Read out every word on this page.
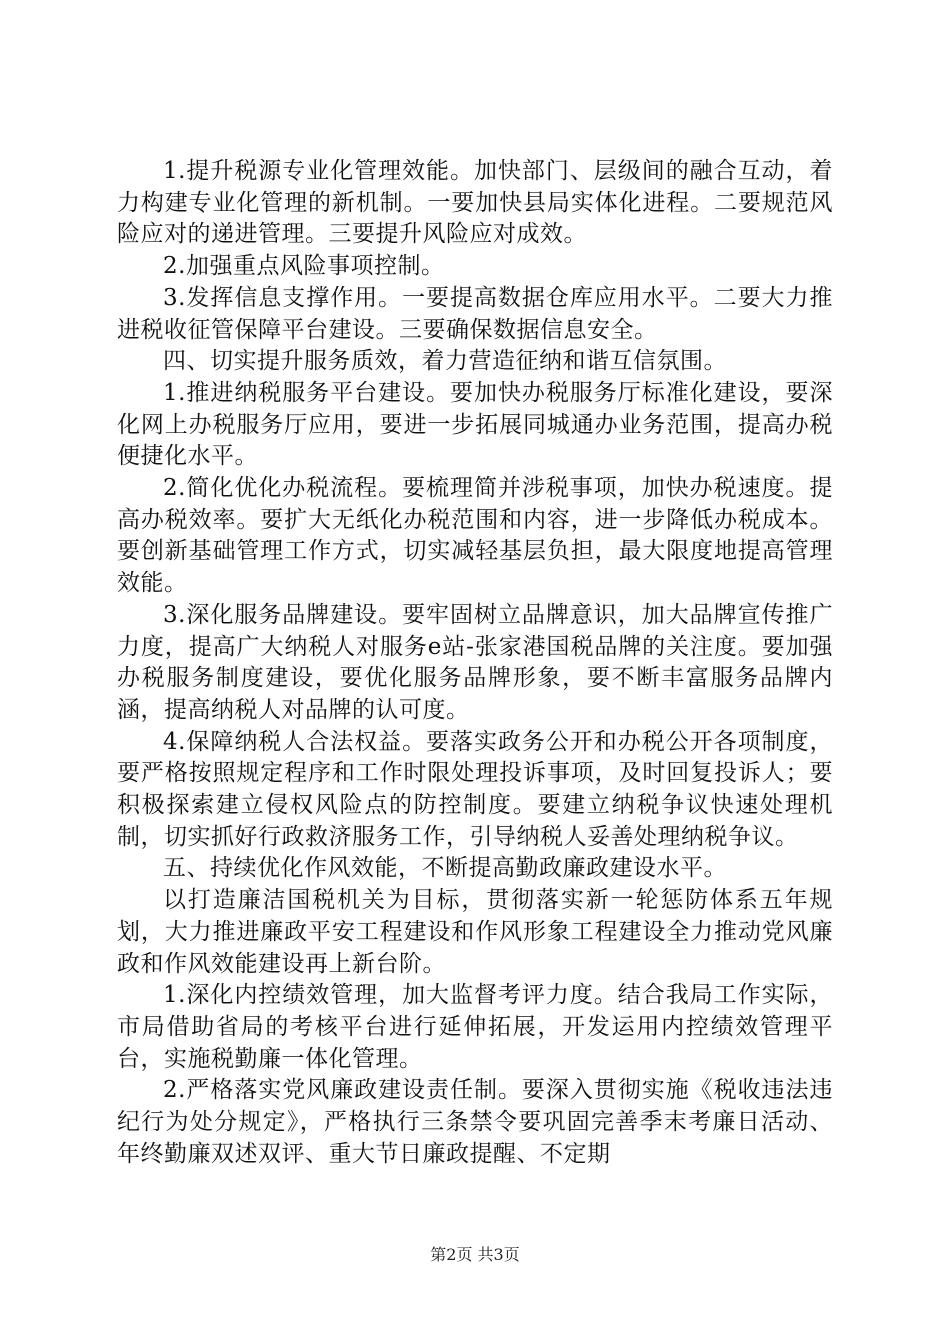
1.提升税源专业化管理效能。加快部门、层级间的融合互动，着力构建专业化管理的新机制。一要加快县局实体化进程。二要规范风险应对的递进管理。三要提升风险应对成效。

2.加强重点风险事项控制。

3.发挥信息支撑作用。一要提高数据仓库应用水平。二要大力推进税收征管保障平台建设。三要确保数据信息安全。

四、切实提升服务质效，着力营造征纳和谐互信氛围。

1.推进纳税服务平台建设。要加快办税服务厅标准化建设，要深化网上办税服务厅应用，要进一步拓展同城通办业务范围，提高办税便捷化水平。

2.简化优化办税流程。要梳理简并涉税事项，加快办税速度。提高办税效率。要扩大无纸化办税范围和内容，进一步降低办税成本。要创新基础管理工作方式，切实减轻基层负担，最大限度地提高管理效能。

3.深化服务品牌建设。要牢固树立品牌意识，加大品牌宣传推广力度，提高广大纳税人对服务e站-张家港国税品牌的关注度。要加强办税服务制度建设，要优化服务品牌形象，要不断丰富服务品牌内涵，提高纳税人对品牌的认可度。

4.保障纳税人合法权益。要落实政务公开和办税公开各项制度，要严格按照规定程序和工作时限处理投诉事项，及时回复投诉人；要积极探索建立侵权风险点的防控制度。要建立纳税争议快速处理机制，切实抓好行政救济服务工作，引导纳税人妥善处理纳税争议。

五、持续优化作风效能，不断提高勤政廉政建设水平。

以打造廉洁国税机关为目标，贯彻落实新一轮惩防体系五年规划，大力推进廉政平安工程建设和作风形象工程建设全力推动党风廉政和作风效能建设再上新台阶。

1.深化内控绩效管理，加大监督考评力度。结合我局工作实际，市局借助省局的考核平台进行延伸拓展，开发运用内控绩效管理平台，实施税勤廉一体化管理。

2.严格落实党风廉政建设责任制。要深入贯彻实施《税收违法违纪行为处分规定》，严格执行三条禁令要巩固完善季末考廉日活动、年终勤廉双述双评、重大节日廉政提醒、不定期

第2页 共3页
